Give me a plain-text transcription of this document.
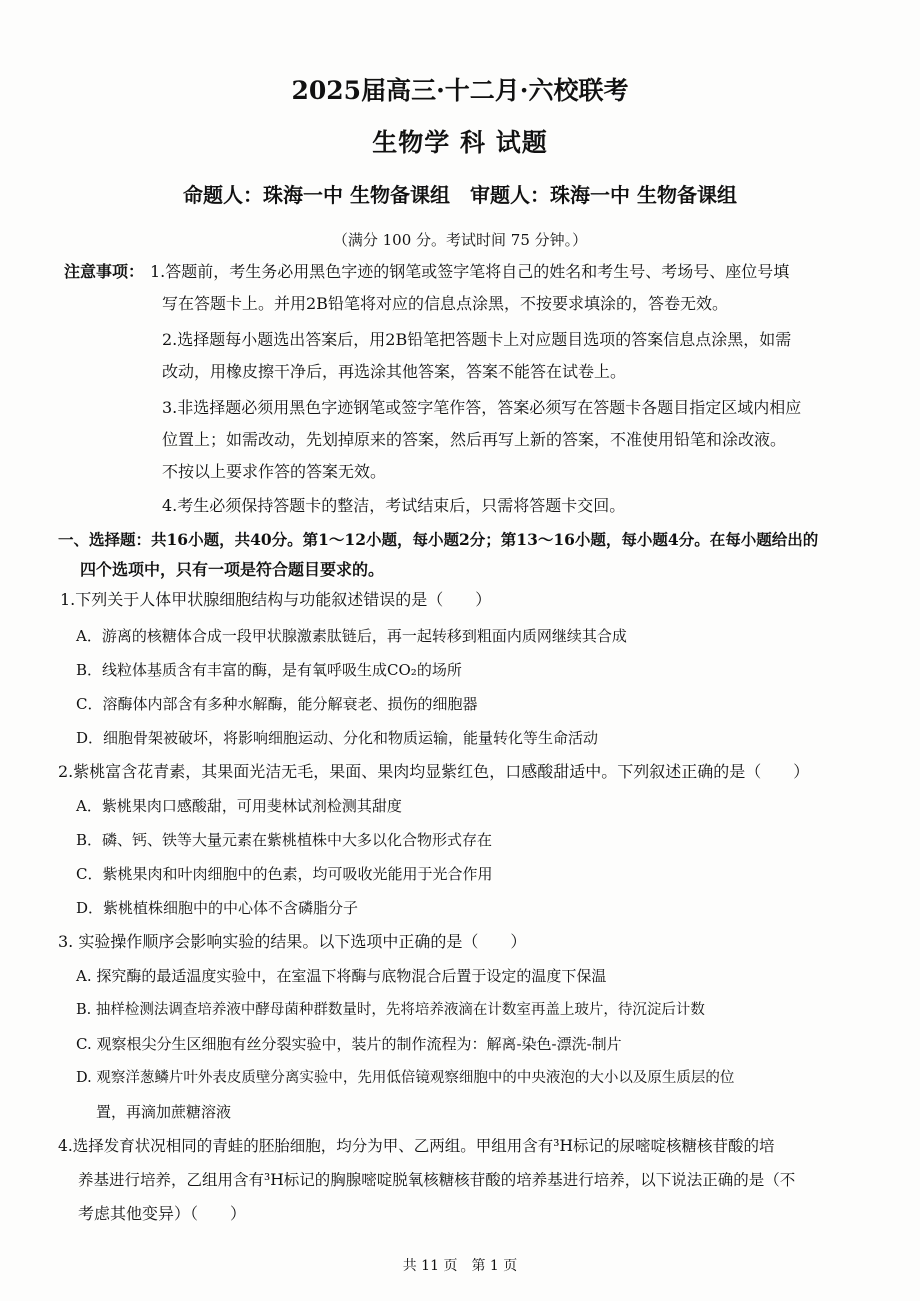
2025届高三·十二月·六校联考
生物学 科 试题
命题人：珠海一中 生物备课组　审题人：珠海一中 生物备课组
（满分 100 分。考试时间 75 分钟。）
注意事项： 1.答题前，考生务必用黑色字迹的钢笔或签字笔将自己的姓名和考生号、考场号、座位号填
写在答题卡上。并用2B铅笔将对应的信息点涂黑，不按要求填涂的，答卷无效。
2.选择题每小题选出答案后，用2B铅笔把答题卡上对应题目选项的答案信息点涂黑，如需
改动，用橡皮擦干净后，再选涂其他答案，答案不能答在试卷上。
3.非选择题必须用黑色字迹钢笔或签字笔作答，答案必须写在答题卡各题目指定区域内相应
位置上；如需改动，先划掉原来的答案，然后再写上新的答案，不准使用铅笔和涂改液。
不按以上要求作答的答案无效。
4.考生必须保持答题卡的整洁，考试结束后，只需将答题卡交回。
一、选择题：共16小题，共40分。第1～12小题，每小题2分；第13～16小题，每小题4分。在每小题给出的
四个选项中，只有一项是符合题目要求的。
1.下列关于人体甲状腺细胞结构与功能叙述错误的是（　　）
A．游离的核糖体合成一段甲状腺激素肽链后，再一起转移到粗面内质网继续其合成
B．线粒体基质含有丰富的酶，是有氧呼吸生成CO₂的场所
C．溶酶体内部含有多种水解酶，能分解衰老、损伤的细胞器
D．细胞骨架被破坏，将影响细胞运动、分化和物质运输，能量转化等生命活动
2.紫桃富含花青素，其果面光洁无毛，果面、果肉均显紫红色，口感酸甜适中。下列叙述正确的是（　　）
A．紫桃果肉口感酸甜，可用斐林试剂检测其甜度
B．磷、钙、铁等大量元素在紫桃植株中大多以化合物形式存在
C．紫桃果肉和叶肉细胞中的色素，均可吸收光能用于光合作用
D．紫桃植株细胞中的中心体不含磷脂分子
3. 实验操作顺序会影响实验的结果。以下选项中正确的是（　　）
A. 探究酶的最适温度实验中，在室温下将酶与底物混合后置于设定的温度下保温
B. 抽样检测法调查培养液中酵母菌种群数量时，先将培养液滴在计数室再盖上玻片，待沉淀后计数
C. 观察根尖分生区细胞有丝分裂实验中，装片的制作流程为：解离-染色-漂洗-制片
D. 观察洋葱鳞片叶外表皮质壁分离实验中，先用低倍镜观察细胞中的中央液泡的大小以及原生质层的位
置，再滴加蔗糖溶液
4.选择发育状况相同的青蛙的胚胎细胞，均分为甲、乙两组。甲组用含有³H标记的尿嘧啶核糖核苷酸的培
养基进行培养，乙组用含有³H标记的胸腺嘧啶脱氧核糖核苷酸的培养基进行培养，以下说法正确的是（不
考虑其他变异）（　　）
共 11 页　第 1 页
